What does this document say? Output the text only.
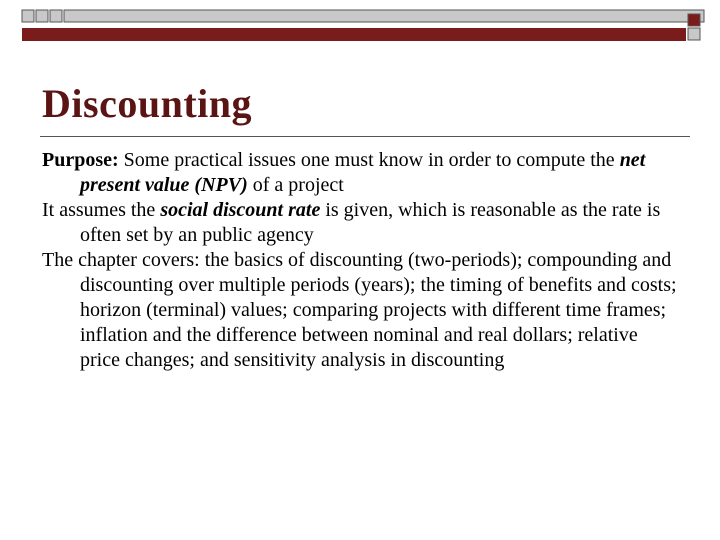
Discounting

Purpose: Some practical issues one must know in order to compute the net present value (NPV) of a project

It assumes the social discount rate is given, which is reasonable as the rate is often set by an public agency

The chapter covers: the basics of discounting (two-periods); compounding and discounting over multiple periods (years); the timing of benefits and costs; horizon (terminal) values; comparing projects with different time frames; inflation and the difference between nominal and real dollars; relative price changes; and sensitivity analysis in discounting
